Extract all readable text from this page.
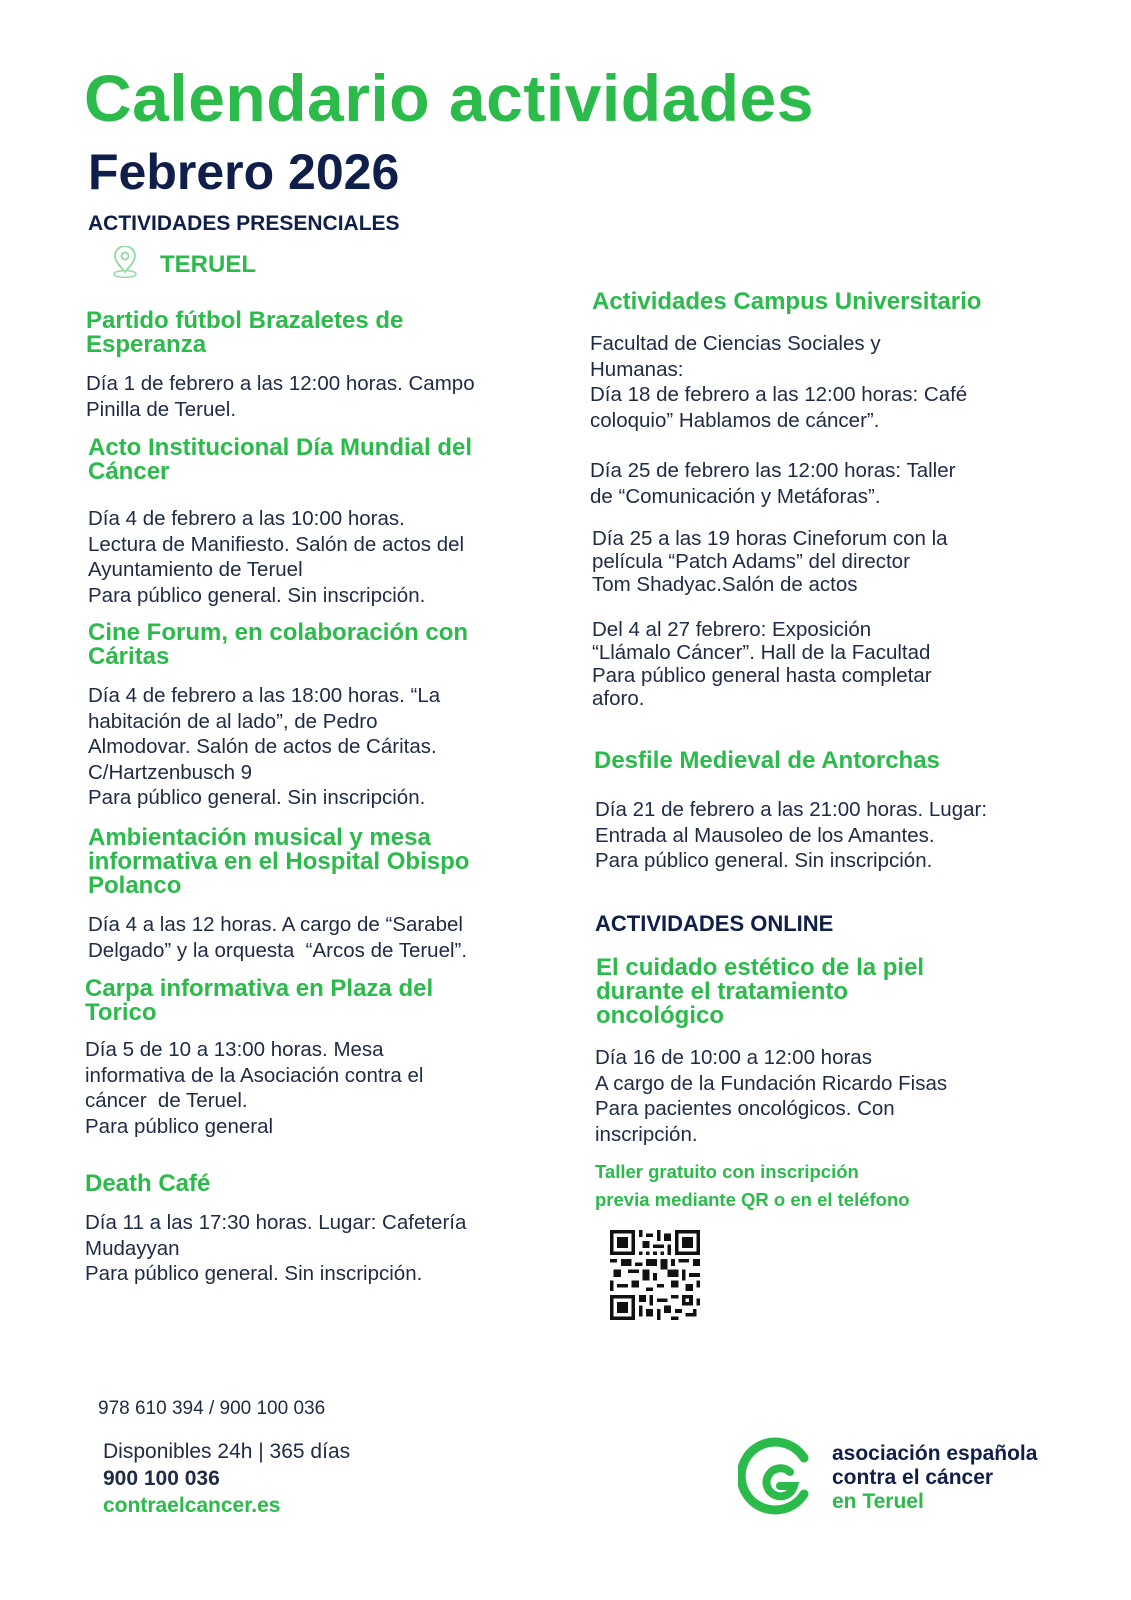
Calendario actividades
Febrero 2026
ACTIVIDADES PRESENCIALES
TERUEL
Partido fútbol Brazaletes de
Esperanza
Día 1 de febrero a las 12:00 horas. Campo
Pinilla de Teruel.
Acto Institucional Día Mundial del
Cáncer
Día 4 de febrero a las 10:00 horas.
Lectura de Manifiesto. Salón de actos del
Ayuntamiento de Teruel
Para público general. Sin inscripción.
Cine Forum, en colaboración con
Cáritas
Día 4 de febrero a las 18:00 horas. “La
habitación de al lado”, de Pedro
Almodovar. Salón de actos de Cáritas.
C/Hartzenbusch 9
Para público general. Sin inscripción.
Ambientación musical y mesa
informativa en el Hospital Obispo
Polanco
Día 4 a las 12 horas. A cargo de “Sarabel
Delgado” y la orquesta  “Arcos de Teruel”.
Carpa informativa en Plaza del
Torico
Día 5 de 10 a 13:00 horas. Mesa
informativa de la Asociación contra el
cáncer  de Teruel.
Para público general
Death Café
Día 11 a las 17:30 horas. Lugar: Cafetería
Mudayyan
Para público general. Sin inscripción.
Actividades Campus Universitario
Facultad de Ciencias Sociales y
Humanas:
Día 18 de febrero a las 12:00 horas: Café
coloquio” Hablamos de cáncer”.
Día 25 de febrero las 12:00 horas: Taller
de “Comunicación y Metáforas”.
Día 25 a las 19 horas Cineforum con la
película “Patch Adams” del director
Tom Shadyac.Salón de actos
Del 4 al 27 febrero: Exposición
“Llámalo Cáncer”. Hall de la Facultad
Para público general hasta completar
aforo.
Desfile Medieval de Antorchas
Día 21 de febrero a las 21:00 horas. Lugar:
Entrada al Mausoleo de los Amantes.
Para público general. Sin inscripción.
ACTIVIDADES ONLINE
El cuidado estético de la piel
durante el tratamiento
oncológico
Día 16 de 10:00 a 12:00 horas
A cargo de la Fundación Ricardo Fisas
Para pacientes oncológicos. Con
inscripción.
Taller gratuito con inscripción
previa mediante QR o en el teléfono
978 610 394 / 900 100 036
Disponibles 24h | 365 días
900 100 036
contraelcancer.es
asociación española
contra el cáncer
en Teruel
